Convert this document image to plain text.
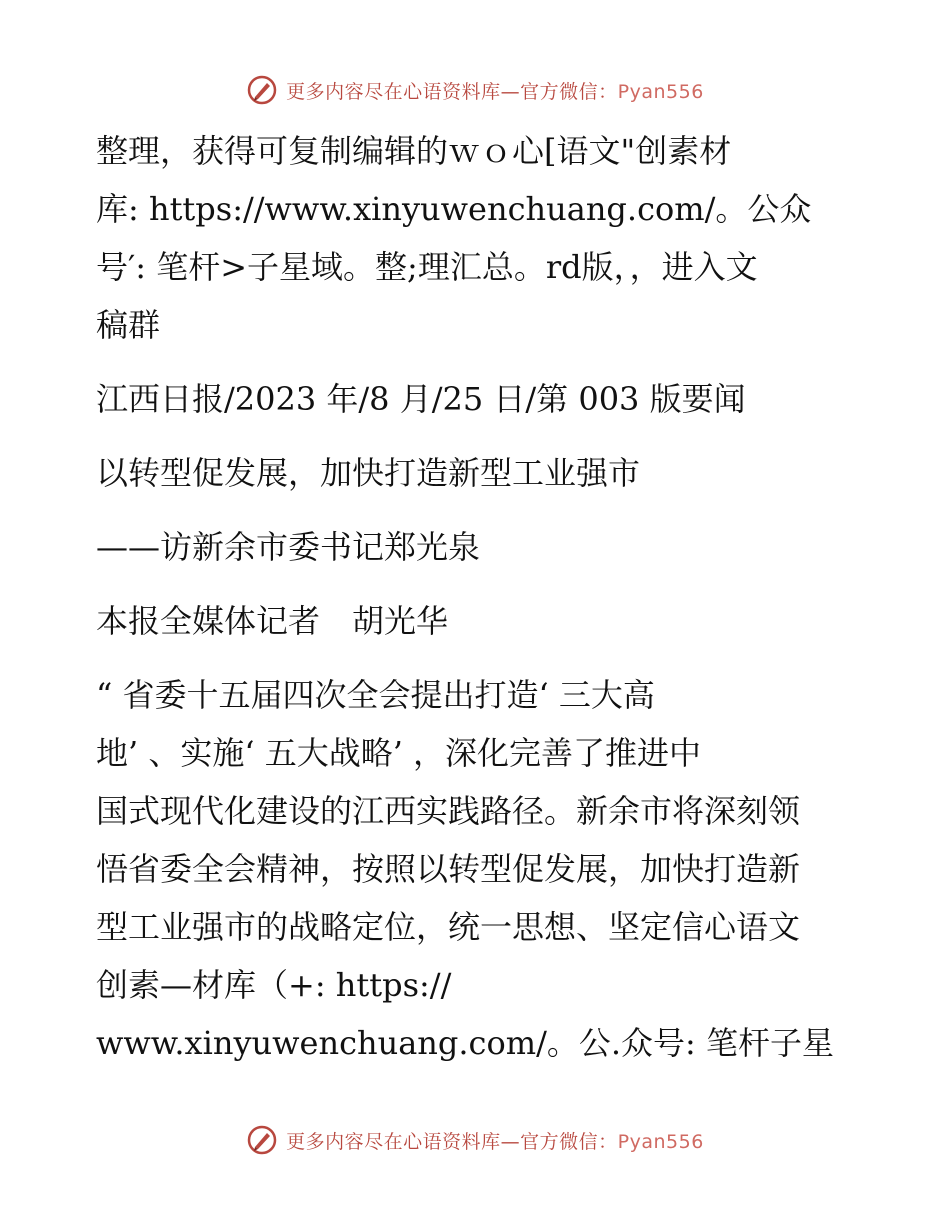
更多内容尽在心语资料库—官方微信：Pyan556

整理，获得可复制编辑的ｗｏ心[语文"创素材

库: https://www.xinyuwenchuang.com/。公众

号′: 笔杆>子星域。整;理汇总。rd版，，进入文

稿群

江西日报/2023 年/8 月/25 日/第 003 版要闻

以转型促发展，加快打造新型工业强市

——访新余市委书记郑光泉

本报全媒体记者　胡光华

“ 省委十五届四次全会提出打造‘ 三大高

地’ 、实施‘ 五大战略’ ，深化完善了推进中

国式现代化建设的江西实践路径。新余市将深刻领

悟省委全会精神，按照以转型促发展，加快打造新

型工业强市的战略定位，统一思想、坚定信心语文

创素—材库（+: https://

www.xinyuwenchuang.com/。公.众号: 笔杆子星

更多内容尽在心语资料库—官方微信：Pyan556
